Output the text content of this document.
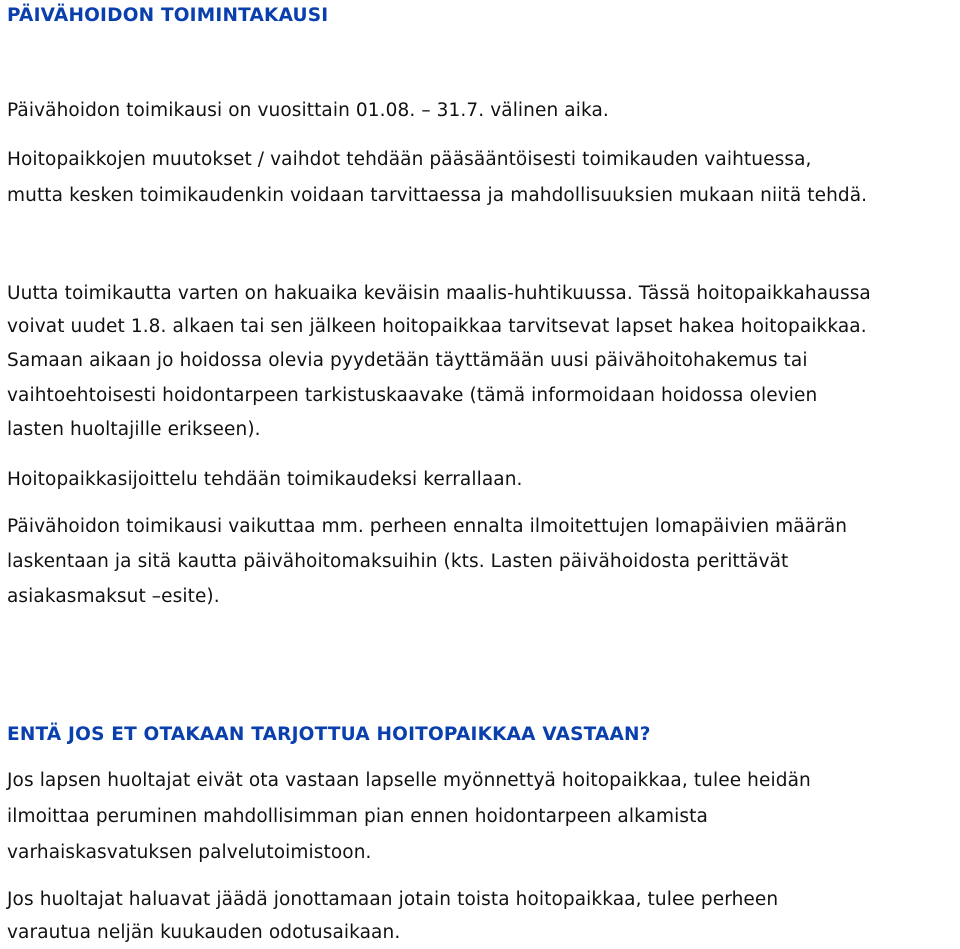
PÄIVÄHOIDON TOIMINTAKAUSI

Päivähoidon toimikausi on vuosittain 01.08. – 31.7. välinen aika.

Hoitopaikkojen muutokset / vaihdot tehdään pääsääntöisesti toimikauden vaihtuessa,

mutta kesken toimikaudenkin voidaan tarvittaessa ja mahdollisuuksien mukaan niitä tehdä.

Uutta toimikautta varten on hakuaika keväisin maalis-huhtikuussa. Tässä hoitopaikkahaussa

voivat uudet 1.8. alkaen tai sen jälkeen hoitopaikkaa tarvitsevat lapset hakea hoitopaikkaa.

Samaan aikaan jo hoidossa olevia pyydetään täyttämään uusi päivähoitohakemus tai

vaihtoehtoisesti hoidontarpeen tarkistuskaavake (tämä informoidaan hoidossa olevien

lasten huoltajille erikseen).

Hoitopaikkasijoittelu tehdään toimikaudeksi kerrallaan.

Päivähoidon toimikausi vaikuttaa mm. perheen ennalta ilmoitettujen lomapäivien määrän

laskentaan ja sitä kautta päivähoitomaksuihin (kts. Lasten päivähoidosta perittävät

asiakasmaksut –esite).

ENTÄ JOS ET OTAKAAN TARJOTTUA HOITOPAIKKAA VASTAAN?

Jos lapsen huoltajat eivät ota vastaan lapselle myönnettyä hoitopaikkaa, tulee heidän

ilmoittaa peruminen mahdollisimman pian ennen hoidontarpeen alkamista

varhaiskasvatuksen palvelutoimistoon.

Jos huoltajat haluavat jäädä jonottamaan jotain toista hoitopaikkaa, tulee perheen

varautua neljän kuukauden odotusaikaan.
